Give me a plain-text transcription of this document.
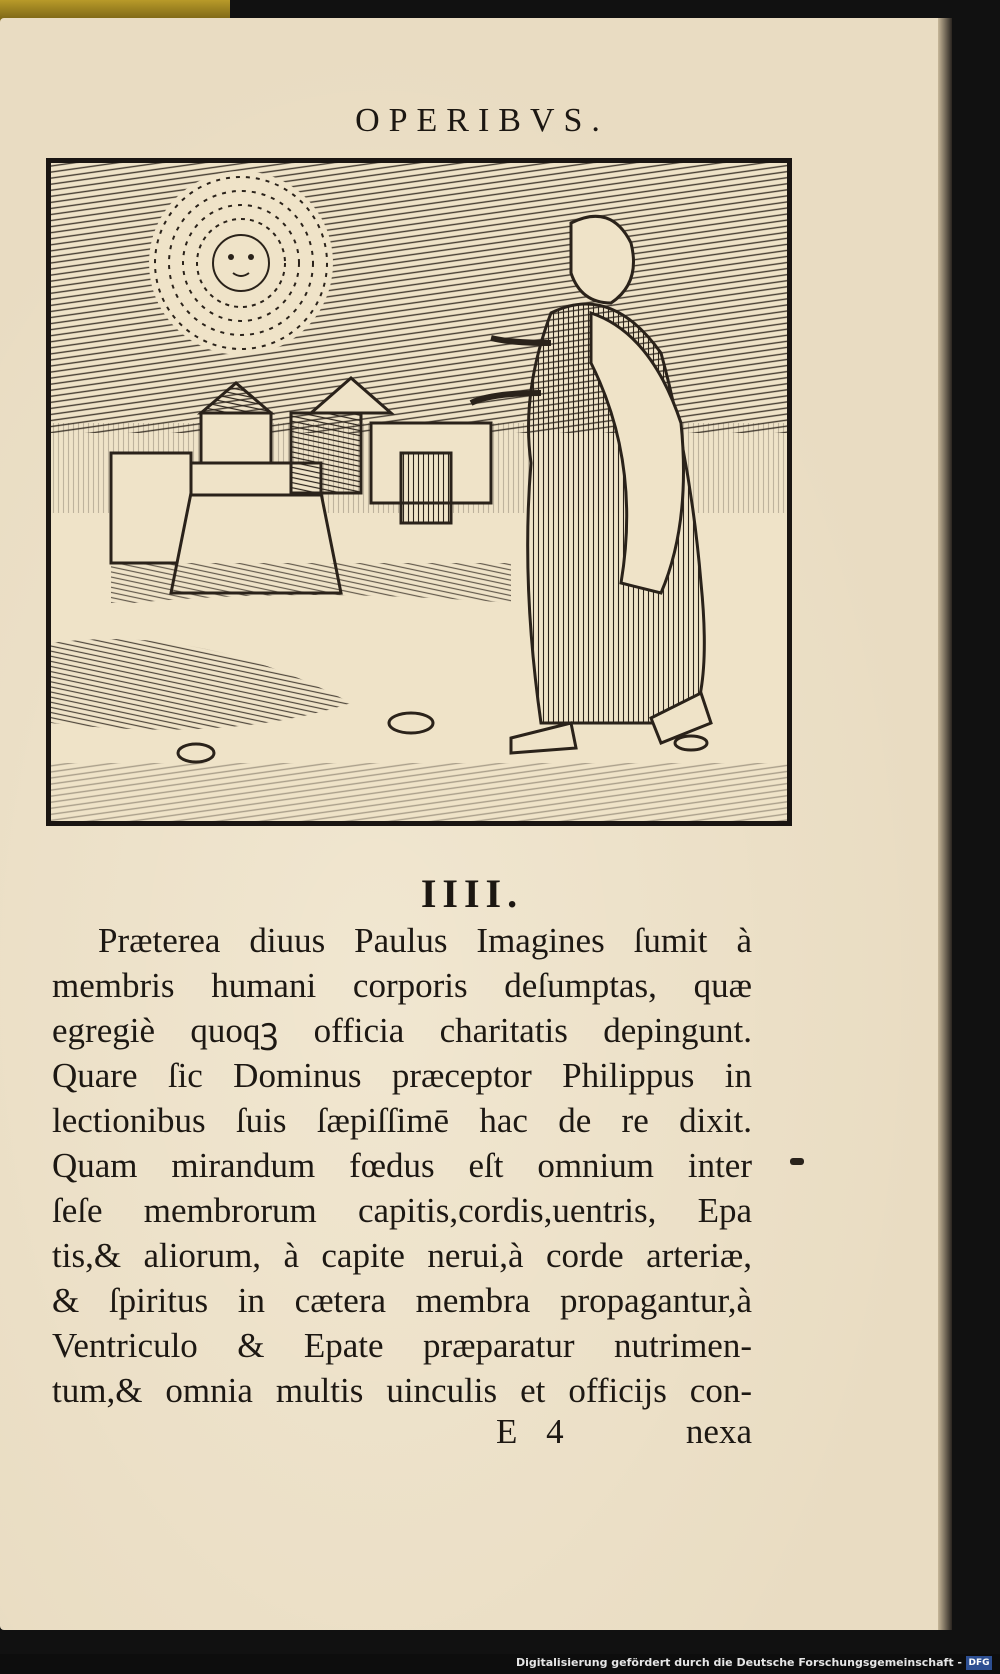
OPERIBVS.
IIII.
Præterea diuus Paulus Imagines ſumit à
membris humani corporis deſumptas, quæ
egregiè quoqꝫ officia charitatis depingunt.
Quare ſic Dominus præceptor Philippus in
lectionibus ſuis ſæpiſſimē hac de re dixit.
Quam mirandum fœdus eſt omnium inter
ſeſe membrorum capitis,cordis,uentris, Epa
tis,& aliorum, à capite nerui,à corde arteriæ,
& ſpiritus in cætera membra propagantur,à
Ventriculo & Epate præparatur nutrimen-
tum,& omnia multis uinculis et officijs con-
E 4	nexa
Digitalisierung gefördert durch die Deutsche Forschungsgemeinschaft - DFG
